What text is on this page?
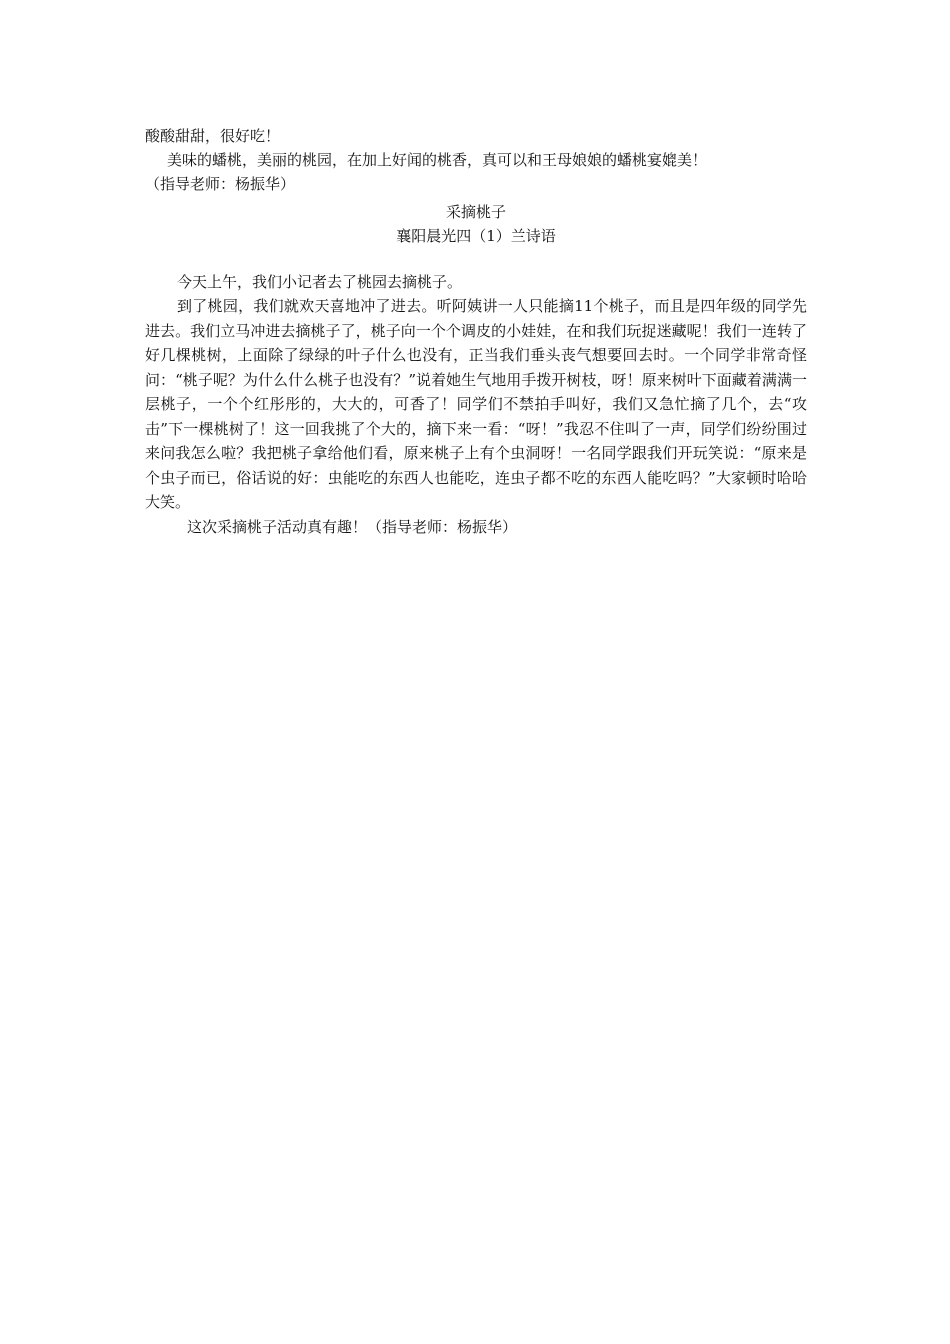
酸酸甜甜，很好吃！

美味的蟠桃，美丽的桃园，在加上好闻的桃香，真可以和王母娘娘的蟠桃宴媲美！

（指导老师：杨振华）

采摘桃子

襄阳晨光四（1）兰诗语

今天上午，我们小记者去了桃园去摘桃子。

到了桃园，我们就欢天喜地冲了进去。听阿姨讲一人只能摘11个桃子，而且是四年级的同学先进去。我们立马冲进去摘桃子了，桃子向一个个调皮的小娃娃，在和我们玩捉迷藏呢！我们一连转了好几棵桃树，上面除了绿绿的叶子什么也没有，正当我们垂头丧气想要回去时。一个同学非常奇怪问：“桃子呢？为什么什么桃子也没有？”说着她生气地用手拨开树枝，呀！原来树叶下面藏着满满一层桃子，一个个红彤彤的，大大的，可香了！同学们不禁拍手叫好，我们又急忙摘了几个，去“攻击”下一棵桃树了！这一回我挑了个大的，摘下来一看：“呀！”我忍不住叫了一声，同学们纷纷围过来问我怎么啦？我把桃子拿给他们看，原来桃子上有个虫洞呀！一名同学跟我们开玩笑说：“原来是个虫子而已，俗话说的好：虫能吃的东西人也能吃，连虫子都不吃的东西人能吃吗？”大家顿时哈哈大笑。

这次采摘桃子活动真有趣！（指导老师：杨振华）
